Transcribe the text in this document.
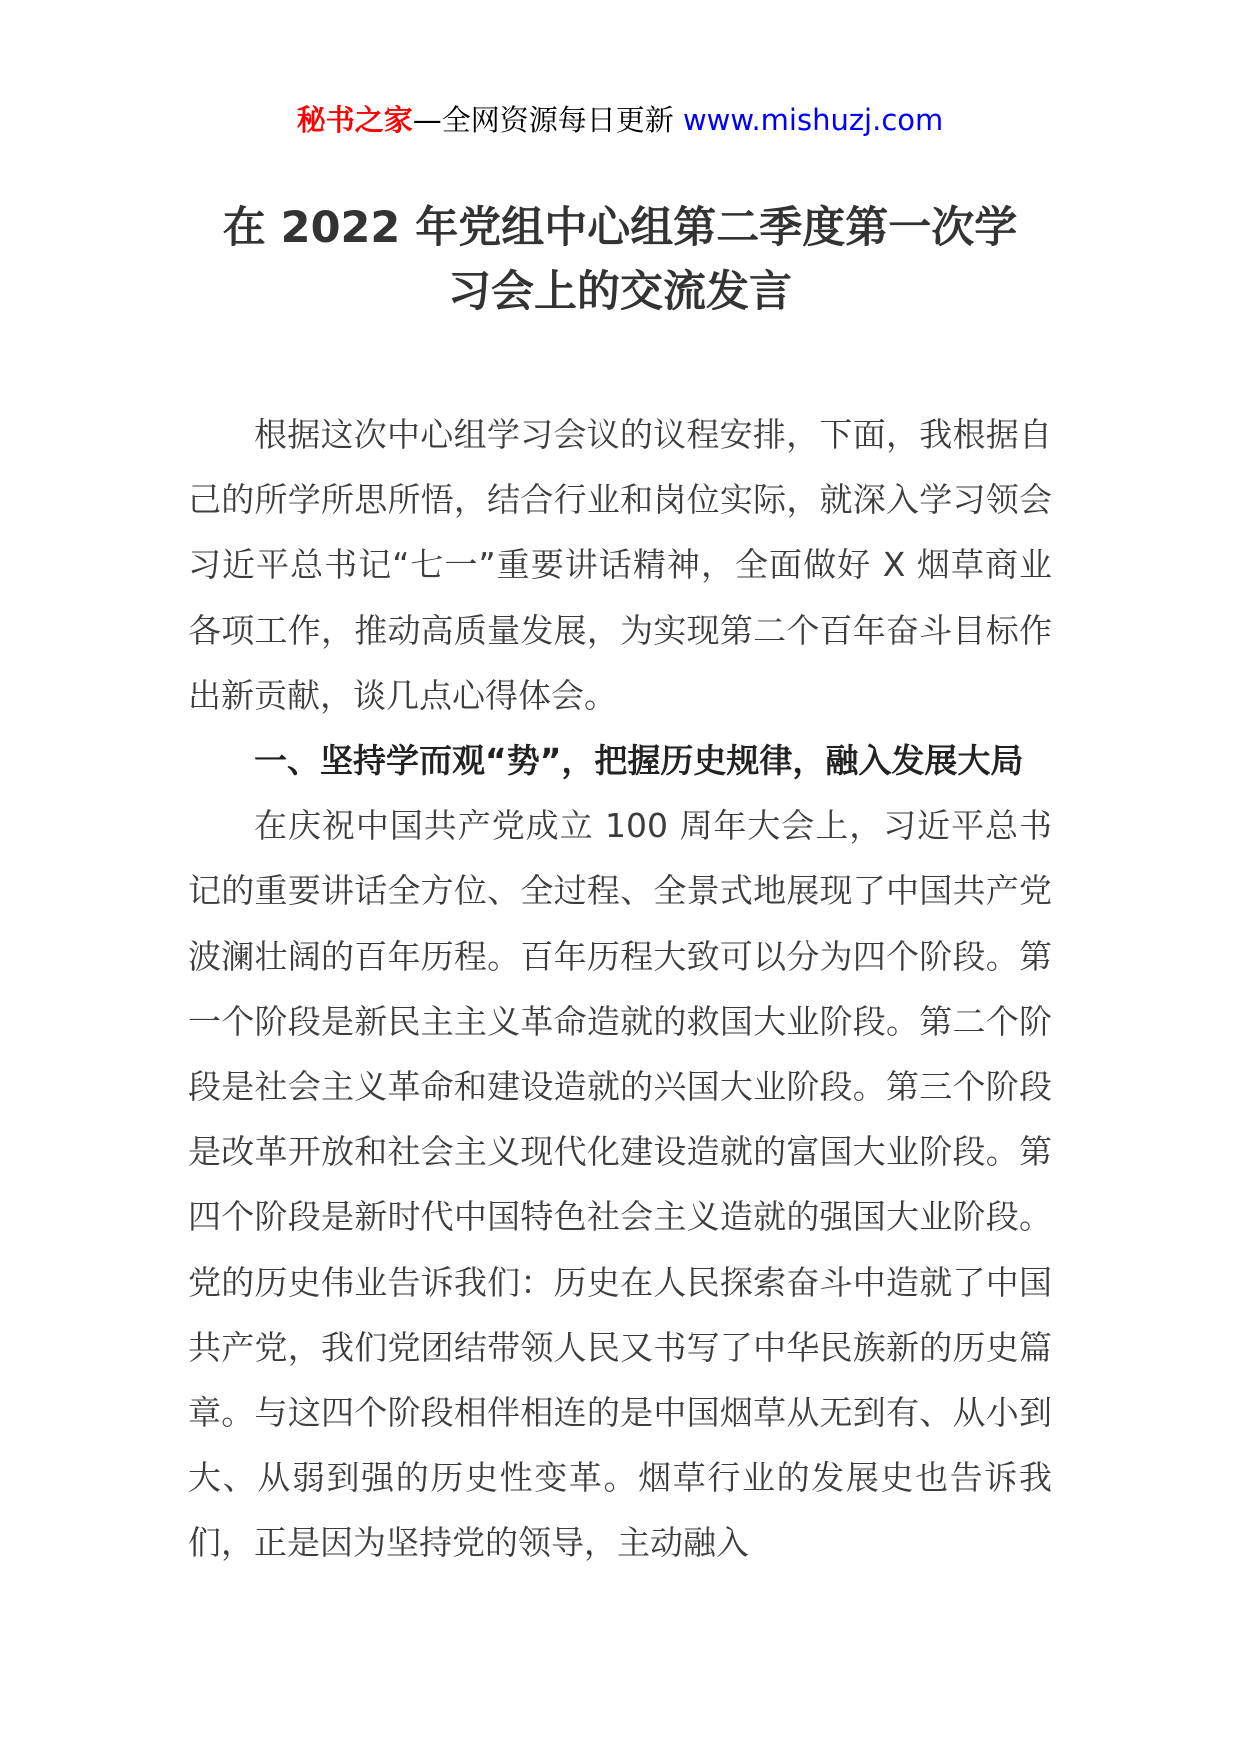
秘书之家—全网资源每日更新 www.mishuzj.com
在 2022 年党组中心组第二季度第一次学
习会上的交流发言

根据这次中心组学习会议的议程安排，下面，我根据自己的所学所思所悟，结合行业和岗位实际，就深入学习领会习近平总书记“七一”重要讲话精神，全面做好 X 烟草商业各项工作，推动高质量发展，为实现第二个百年奋斗目标作出新贡献，谈几点心得体会。

一、坚持学而观“势”，把握历史规律，融入发展大局

在庆祝中国共产党成立 100 周年大会上，习近平总书记的重要讲话全方位、全过程、全景式地展现了中国共产党波澜壮阔的百年历程。百年历程大致可以分为四个阶段。第一个阶段是新民主主义革命造就的救国大业阶段。第二个阶段是社会主义革命和建设造就的兴国大业阶段。第三个阶段是改革开放和社会主义现代化建设造就的富国大业阶段。第四个阶段是新时代中国特色社会主义造就的强国大业阶段。党的历史伟业告诉我们：历史在人民探索奋斗中造就了中国共产党，我们党团结带领人民又书写了中华民族新的历史篇章。与这四个阶段相伴相连的是中国烟草从无到有、从小到大、从弱到强的历史性变革。烟草行业的发展史也告诉我们，正是因为坚持党的领导，主动融入
